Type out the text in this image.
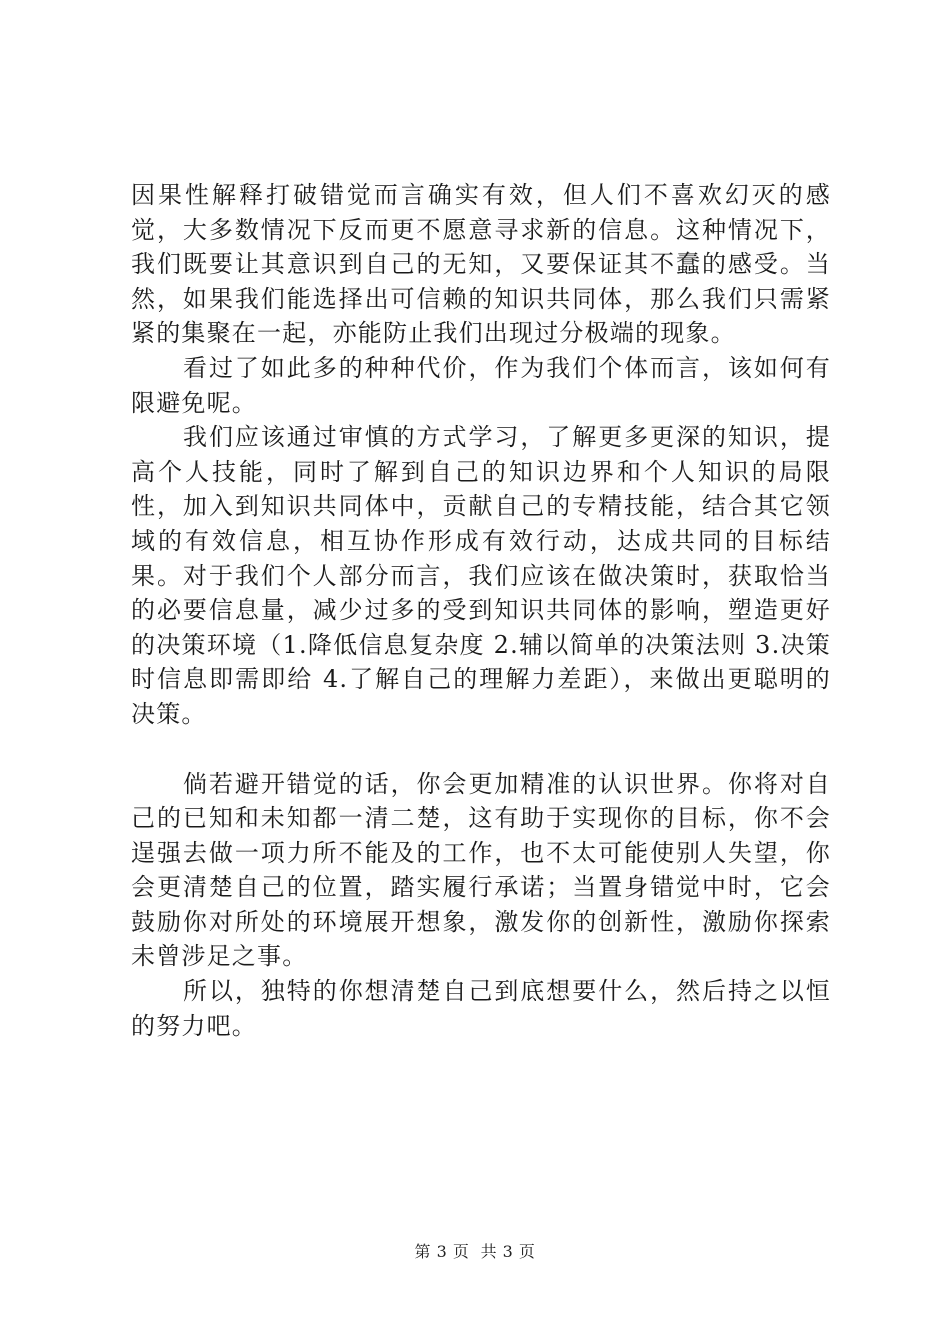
因果性解释打破错觉而言确实有效，但人们不喜欢幻灭的感觉，大多数情况下反而更不愿意寻求新的信息。这种情况下，我们既要让其意识到自己的无知，又要保证其不蠢的感受。当然，如果我们能选择出可信赖的知识共同体，那么我们只需紧紧的集聚在一起，亦能防止我们出现过分极端的现象。

看过了如此多的种种代价，作为我们个体而言，该如何有限避免呢。

我们应该通过审慎的方式学习，了解更多更深的知识，提高个人技能，同时了解到自己的知识边界和个人知识的局限性，加入到知识共同体中，贡献自己的专精技能，结合其它领域的有效信息，相互协作形成有效行动，达成共同的目标结果。对于我们个人部分而言，我们应该在做决策时，获取恰当的必要信息量，减少过多的受到知识共同体的影响，塑造更好的决策环境（1.降低信息复杂度 2.辅以简单的决策法则 3.决策时信息即需即给 4.了解自己的理解力差距），来做出更聪明的决策。

倘若避开错觉的话，你会更加精准的认识世界。你将对自己的已知和未知都一清二楚，这有助于实现你的目标，你不会逞强去做一项力所不能及的工作，也不太可能使别人失望，你会更清楚自己的位置，踏实履行承诺；当置身错觉中时，它会鼓励你对所处的环境展开想象，激发你的创新性，激励你探索未曾涉足之事。

所以，独特的你想清楚自己到底想要什么，然后持之以恒的努力吧。

第 3 页  共 3 页
